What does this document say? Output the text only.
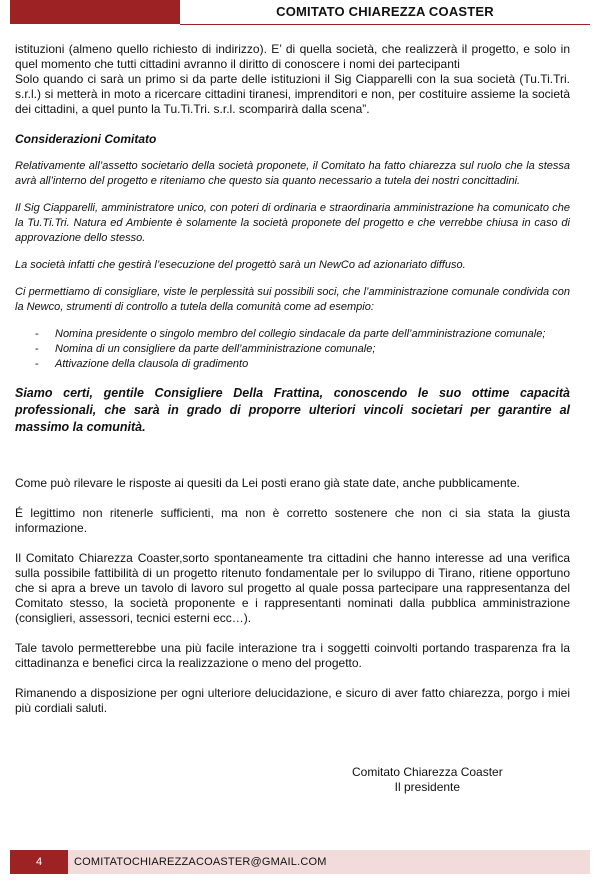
COMITATO CHIAREZZA COASTER

istituzioni (almeno quello richiesto di indirizzo). E’ di quella società, che realizzerà il progetto, e solo in quel momento che tutti cittadini avranno il diritto di conoscere i nomi dei partecipanti

Solo quando ci sarà un primo si da parte delle istituzioni il Sig Ciapparelli con la sua società (Tu.Ti.Tri. s.r.l.) si metterà in moto a ricercare cittadini tiranesi, imprenditori e non, per costituire assieme la società dei cittadini, a quel punto la Tu.Ti.Tri. s.r.l. scomparirà dalla scena”.

Considerazioni Comitato

Relativamente all’assetto societario della società proponete, il Comitato ha fatto chiarezza sul ruolo che la stessa avrà all’interno del progetto e riteniamo che questo sia quanto necessario a tutela dei nostri concittadini.

Il Sig Ciapparelli, amministratore unico, con poteri di ordinaria e straordinaria amministrazione ha comunicato che la Tu.Ti.Tri. Natura ed Ambiente è solamente la società proponete del progetto e che verrebbe chiusa in caso di approvazione dello stesso.

La società infatti che gestirà l’esecuzione del progettò sarà un NewCo ad azionariato diffuso.

Ci permettiamo di consigliare, viste le perplessità sui possibili soci, che l’amministrazione comunale condivida con la Newco, strumenti di controllo a tutela della comunità come ad esempio:

- Nomina presidente o singolo membro del collegio sindacale da parte dell’amministrazione comunale;
- Nomina di un consigliere da parte dell’amministrazione comunale;
- Attivazione della clausola di gradimento

Siamo certi, gentile Consigliere Della Frattina, conoscendo le suo ottime capacità professionali, che sarà in grado di proporre ulteriori vincoli societari per garantire al massimo la comunità.

Come può rilevare le risposte ai quesiti da Lei posti erano già state date, anche pubblicamente.

É legittimo non ritenerle sufficienti, ma non è corretto sostenere che non ci sia stata la giusta informazione.

Il Comitato Chiarezza Coaster,sorto spontaneamente tra cittadini che hanno interesse ad una verifica sulla possibile fattibilità di un progetto ritenuto fondamentale per lo sviluppo di Tirano, ritiene opportuno che si apra a breve un tavolo di lavoro sul progetto al quale possa partecipare una rappresentanza del Comitato stesso, la società proponente e i rappresentanti nominati dalla pubblica amministrazione (consiglieri, assessori, tecnici esterni ecc…).

Tale tavolo permetterebbe una più facile interazione tra i soggetti coinvolti portando trasparenza fra la cittadinanza e benefici circa la realizzazione o meno del progetto.

Rimanendo a disposizione per ogni ulteriore delucidazione, e sicuro di aver fatto chiarezza, porgo i miei più cordiali saluti.

Comitato Chiarezza Coaster
Il presidente
4	COMITATOCHIAREZZACOASTER@GMAIL.COM
